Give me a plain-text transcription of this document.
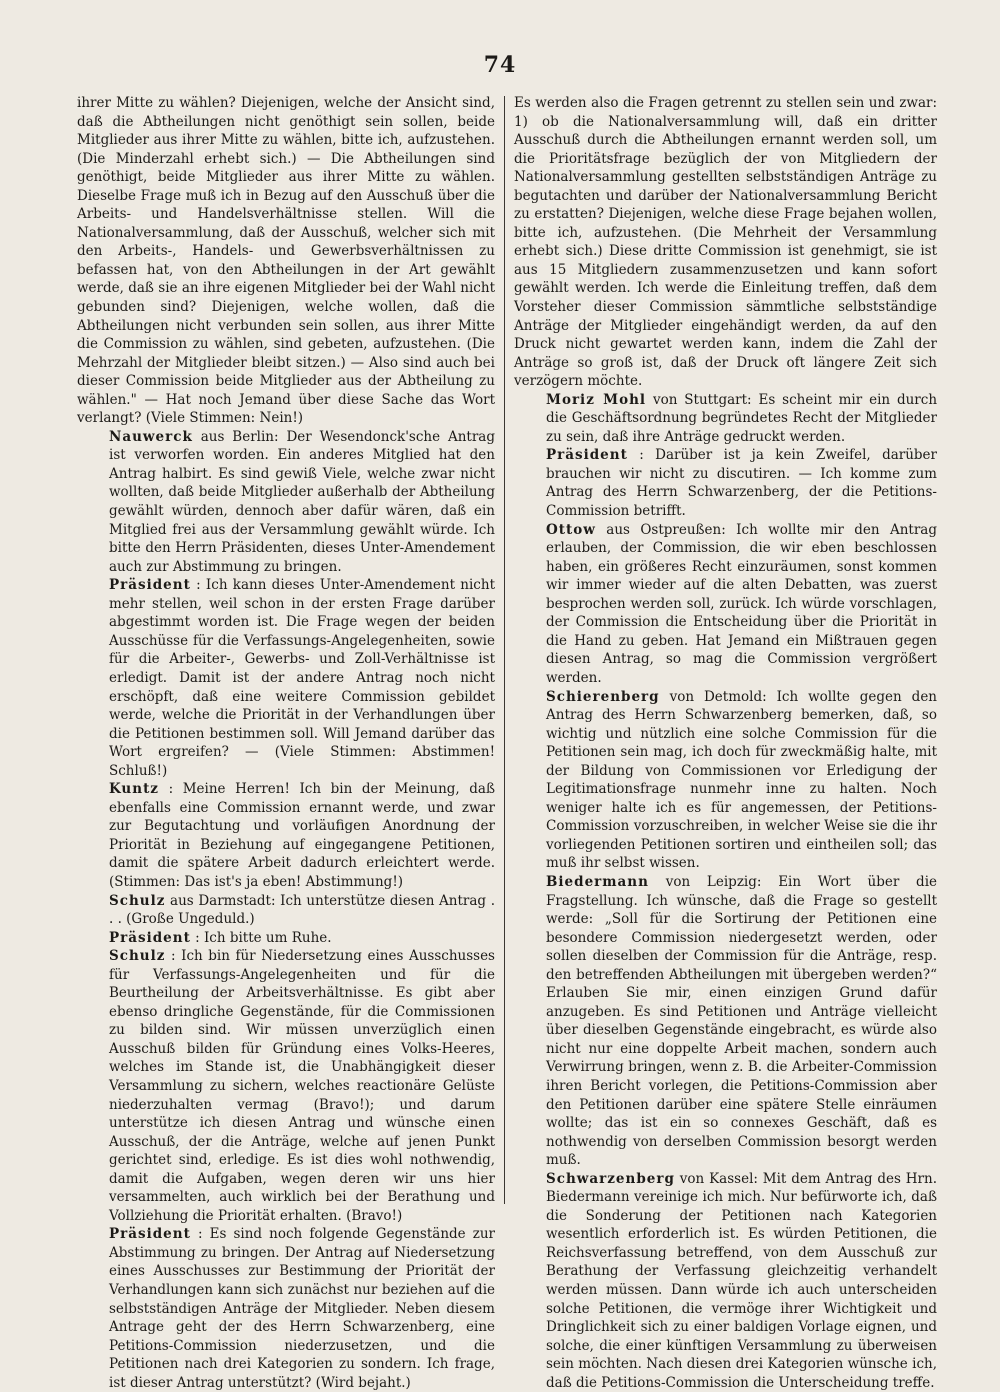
74

ihrer Mitte zu wählen? Diejenigen, welche der Ansicht sind, daß die Abtheilungen nicht genöthigt sein sollen, beide Mitglieder aus ihrer Mitte zu wählen, bitte ich, aufzustehen. (Die Minderzahl erhebt sich.) — Die Abtheilungen sind genöthigt, beide Mitglieder aus ihrer Mitte zu wählen. Dieselbe Frage muß ich in Bezug auf den Ausschuß über die Arbeits- und Handelsverhältnisse stellen. Will die Nationalversammlung, daß der Ausschuß, welcher sich mit den Arbeits-, Handels- und Gewerbsverhältnissen zu befassen hat, von den Abtheilungen in der Art gewählt werde, daß sie an ihre eigenen Mitglieder bei der Wahl nicht gebunden sind? Diejenigen, welche wollen, daß die Abtheilungen nicht verbunden sein sollen, aus ihrer Mitte die Commission zu wählen, sind gebeten, aufzustehen. (Die Mehrzahl der Mitglieder bleibt sitzen.) — Also sind auch bei dieser Commission beide Mitglieder aus der Abtheilung zu wählen." — Hat noch Jemand über diese Sache das Wort verlangt? (Viele Stimmen: Nein!)

Nauwerck aus Berlin: Der Wesendonck'sche Antrag ist verworfen worden. Ein anderes Mitglied hat den Antrag halbirt. Es sind gewiß Viele, welche zwar nicht wollten, daß beide Mitglieder außerhalb der Abtheilung gewählt würden, dennoch aber dafür wären, daß ein Mitglied frei aus der Versammlung gewählt würde. Ich bitte den Herrn Präsidenten, dieses Unter-Amendement auch zur Abstimmung zu bringen.

Präsident : Ich kann dieses Unter-Amendement nicht mehr stellen, weil schon in der ersten Frage darüber abgestimmt worden ist. Die Frage wegen der beiden Ausschüsse für die Verfassungs-Angelegenheiten, sowie für die Arbeiter-, Gewerbs- und Zoll-Verhältnisse ist erledigt. Damit ist der andere Antrag noch nicht erschöpft, daß eine weitere Commission gebildet werde, welche die Priorität in der Verhandlungen über die Petitionen bestimmen soll. Will Jemand darüber das Wort ergreifen? — (Viele Stimmen: Abstimmen! Schluß!)

Kuntz : Meine Herren! Ich bin der Meinung, daß ebenfalls eine Commission ernannt werde, und zwar zur Begutachtung und vorläufigen Anordnung der Priorität in Beziehung auf eingegangene Petitionen, damit die spätere Arbeit dadurch erleichtert werde. (Stimmen: Das ist's ja eben! Abstimmung!)

Schulz aus Darmstadt: Ich unterstütze diesen Antrag . . . (Große Ungeduld.)

Präsident : Ich bitte um Ruhe.

Schulz : Ich bin für Niedersetzung eines Ausschusses für Verfassungs-Angelegenheiten und für die Beurtheilung der Arbeitsverhältnisse. Es gibt aber ebenso dringliche Gegenstände, für die Commissionen zu bilden sind. Wir müssen unverzüglich einen Ausschuß bilden für Gründung eines Volks-Heeres, welches im Stande ist, die Unabhängigkeit dieser Versammlung zu sichern, welches reactionäre Gelüste niederzuhalten vermag (Bravo!); und darum unterstütze ich diesen Antrag und wünsche einen Ausschuß, der die Anträge, welche auf jenen Punkt gerichtet sind, erledige. Es ist dies wohl nothwendig, damit die Aufgaben, wegen deren wir uns hier versammelten, auch wirklich bei der Berathung und Vollziehung die Priorität erhalten. (Bravo!)

Präsident : Es sind noch folgende Gegenstände zur Abstimmung zu bringen. Der Antrag auf Niedersetzung eines Ausschusses zur Bestimmung der Priorität der Verhandlungen kann sich zunächst nur beziehen auf die selbstständigen Anträge der Mitglieder. Neben diesem Antrage geht der des Herrn Schwarzenberg, eine Petitions-Commission niederzusetzen, und die Petitionen nach drei Kategorien zu sondern. Ich frage, ist dieser Antrag unterstützt? (Wird bejaht.)

Es werden also die Fragen getrennt zu stellen sein und zwar: 1) ob die Nationalversammlung will, daß ein dritter Ausschuß durch die Abtheilungen ernannt werden soll, um die Prioritätsfrage bezüglich der von Mitgliedern der Nationalversammlung gestellten selbstständigen Anträge zu begutachten und darüber der Nationalversammlung Bericht zu erstatten? Diejenigen, welche diese Frage bejahen wollen, bitte ich, aufzustehen. (Die Mehrheit der Versammlung erhebt sich.) Diese dritte Commission ist genehmigt, sie ist aus 15 Mitgliedern zusammenzusetzen und kann sofort gewählt werden. Ich werde die Einleitung treffen, daß dem Vorsteher dieser Commission sämmtliche selbstständige Anträge der Mitglieder eingehändigt werden, da auf den Druck nicht gewartet werden kann, indem die Zahl der Anträge so groß ist, daß der Druck oft längere Zeit sich verzögern möchte.

Moriz Mohl von Stuttgart: Es scheint mir ein durch die Geschäftsordnung begründetes Recht der Mitglieder zu sein, daß ihre Anträge gedruckt werden.

Präsident : Darüber ist ja kein Zweifel, darüber brauchen wir nicht zu discutiren. — Ich komme zum Antrag des Herrn Schwarzenberg, der die Petitions-Commission betrifft.

Ottow aus Ostpreußen: Ich wollte mir den Antrag erlauben, der Commission, die wir eben beschlossen haben, ein größeres Recht einzuräumen, sonst kommen wir immer wieder auf die alten Debatten, was zuerst besprochen werden soll, zurück. Ich würde vorschlagen, der Commission die Entscheidung über die Priorität in die Hand zu geben. Hat Jemand ein Mißtrauen gegen diesen Antrag, so mag die Commission vergrößert werden.

Schierenberg von Detmold: Ich wollte gegen den Antrag des Herrn Schwarzenberg bemerken, daß, so wichtig und nützlich eine solche Commission für die Petitionen sein mag, ich doch für zweckmäßig halte, mit der Bildung von Commissionen vor Erledigung der Legitimationsfrage nunmehr inne zu halten. Noch weniger halte ich es für angemessen, der Petitions-Commission vorzuschreiben, in welcher Weise sie die ihr vorliegenden Petitionen sortiren und eintheilen soll; das muß ihr selbst wissen.

Biedermann von Leipzig: Ein Wort über die Fragstellung. Ich wünsche, daß die Frage so gestellt werde: „Soll für die Sortirung der Petitionen eine besondere Commission niedergesetzt werden, oder sollen dieselben der Commission für die Anträge, resp. den betreffenden Abtheilungen mit übergeben werden?“ Erlauben Sie mir, einen einzigen Grund dafür anzugeben. Es sind Petitionen und Anträge vielleicht über dieselben Gegenstände eingebracht, es würde also nicht nur eine doppelte Arbeit machen, sondern auch Verwirrung bringen, wenn z. B. die Arbeiter-Commission ihren Bericht vorlegen, die Petitions-Commission aber den Petitionen darüber eine spätere Stelle einräumen wollte; das ist ein so connexes Geschäft, daß es nothwendig von derselben Commission besorgt werden muß.

Schwarzenberg von Kassel: Mit dem Antrag des Hrn. Biedermann vereinige ich mich. Nur befürworte ich, daß die Sonderung der Petitionen nach Kategorien wesentlich erforderlich ist. Es würden Petitionen, die Reichsverfassung betreffend, von dem Ausschuß zur Berathung der Verfassung gleichzeitig verhandelt werden müssen. Dann würde ich auch unterscheiden solche Petitionen, die vermöge ihrer Wichtigkeit und Dringlichkeit sich zu einer baldigen Vorlage eignen, und solche, die einer künftigen Versammlung zu überweisen sein möchten. Nach diesen drei Kategorien wünsche ich, daß die Petitions-Commission die Unterscheidung treffe.
